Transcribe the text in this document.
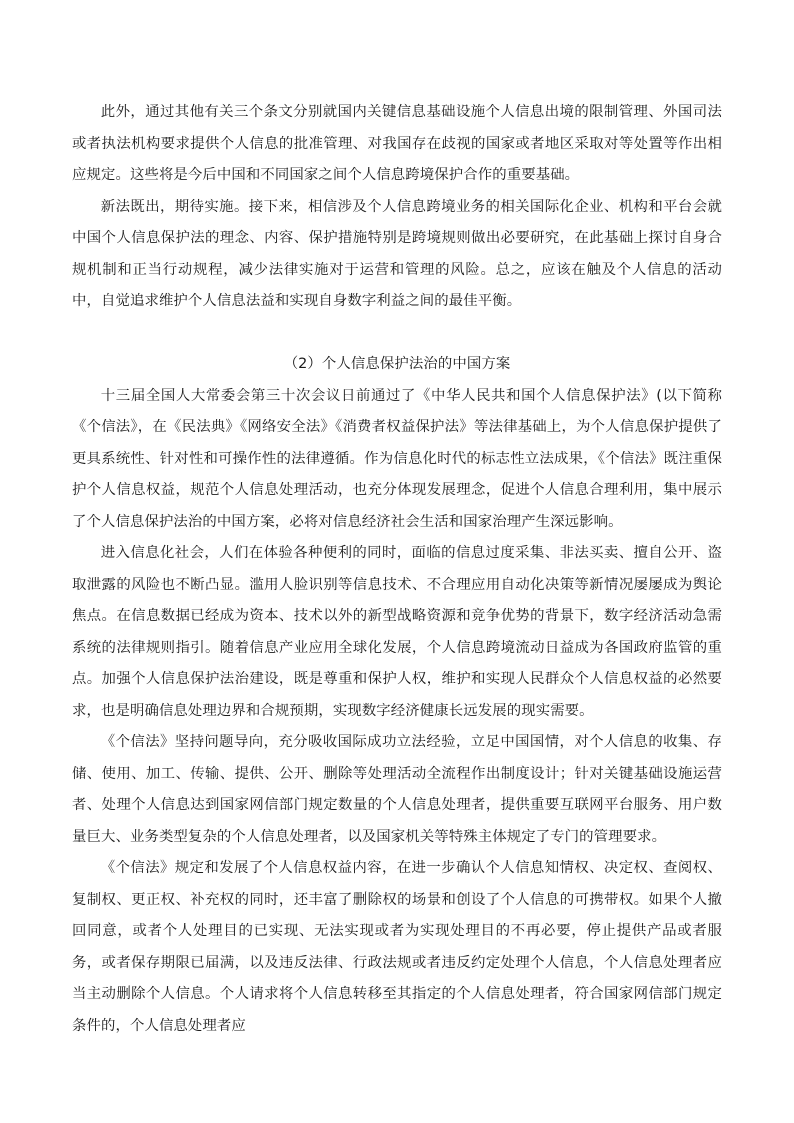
此外，通过其他有关三个条文分别就国内关键信息基础设施个人信息出境的限制管理、外国司法或者执法机构要求提供个人信息的批准管理、对我国存在歧视的国家或者地区采取对等处置等作出相应规定。这些将是今后中国和不同国家之间个人信息跨境保护合作的重要基础。

新法既出，期待实施。接下来，相信涉及个人信息跨境业务的相关国际化企业、机构和平台会就中国个人信息保护法的理念、内容、保护措施特别是跨境规则做出必要研究，在此基础上探讨自身合规机制和正当行动规程，减少法律实施对于运营和管理的风险。总之，应该在触及个人信息的活动中，自觉追求维护个人信息法益和实现自身数字利益之间的最佳平衡。

（2）个人信息保护法治的中国方案

十三届全国人大常委会第三十次会议日前通过了《中华人民共和国个人信息保护法》(以下简称《个信法》，在《民法典》《网络安全法》《消费者权益保护法》等法律基础上，为个人信息保护提供了更具系统性、针对性和可操作性的法律遵循。作为信息化时代的标志性立法成果，《个信法》既注重保护个人信息权益，规范个人信息处理活动，也充分体现发展理念，促进个人信息合理利用，集中展示了个人信息保护法治的中国方案，必将对信息经济社会生活和国家治理产生深远影响。

进入信息化社会，人们在体验各种便利的同时，面临的信息过度采集、非法买卖、擅自公开、盗取泄露的风险也不断凸显。滥用人脸识别等信息技术、不合理应用自动化决策等新情况屡屡成为舆论焦点。在信息数据已经成为资本、技术以外的新型战略资源和竞争优势的背景下，数字经济活动急需系统的法律规则指引。随着信息产业应用全球化发展，个人信息跨境流动日益成为各国政府监管的重点。加强个人信息保护法治建设，既是尊重和保护人权，维护和实现人民群众个人信息权益的必然要求，也是明确信息处理边界和合规预期，实现数字经济健康长远发展的现实需要。

《个信法》坚持问题导向，充分吸收国际成功立法经验，立足中国国情，对个人信息的收集、存储、使用、加工、传输、提供、公开、删除等处理活动全流程作出制度设计；针对关键基础设施运营者、处理个人信息达到国家网信部门规定数量的个人信息处理者，提供重要互联网平台服务、用户数量巨大、业务类型复杂的个人信息处理者，以及国家机关等特殊主体规定了专门的管理要求。

《个信法》规定和发展了个人信息权益内容，在进一步确认个人信息知情权、决定权、查阅权、复制权、更正权、补充权的同时，还丰富了删除权的场景和创设了个人信息的可携带权。如果个人撤回同意，或者个人处理目的已实现、无法实现或者为实现处理目的不再必要，停止提供产品或者服务，或者保存期限已届满，以及违反法律、行政法规或者违反约定处理个人信息，个人信息处理者应当主动删除个人信息。个人请求将个人信息转移至其指定的个人信息处理者，符合国家网信部门规定条件的，个人信息处理者应
